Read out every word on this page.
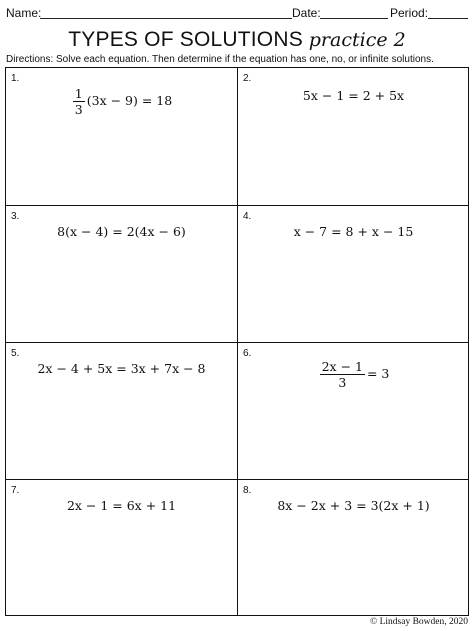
Name:	Date:	Period:
TYPES OF SOLUTIONS practice 2
Directions: Solve each equation. Then determine if the equation has one, no, or infinite solutions.
1.
$\frac{1}{3} (3x - 9) = 18$
2.
5x − 1 = 2 + 5x
3.
8(x − 4) = 2(4x − 6)
4.
x − 7 = 8 + x − 15
5.
2x − 4 + 5x = 3x + 7x − 8
6.
$\frac{2x - 1}{3} = 3$
7.
2x − 1 = 6x + 11
8.
8x − 2x + 3 = 3(2x + 1)
© Lindsay Bowden, 2020
